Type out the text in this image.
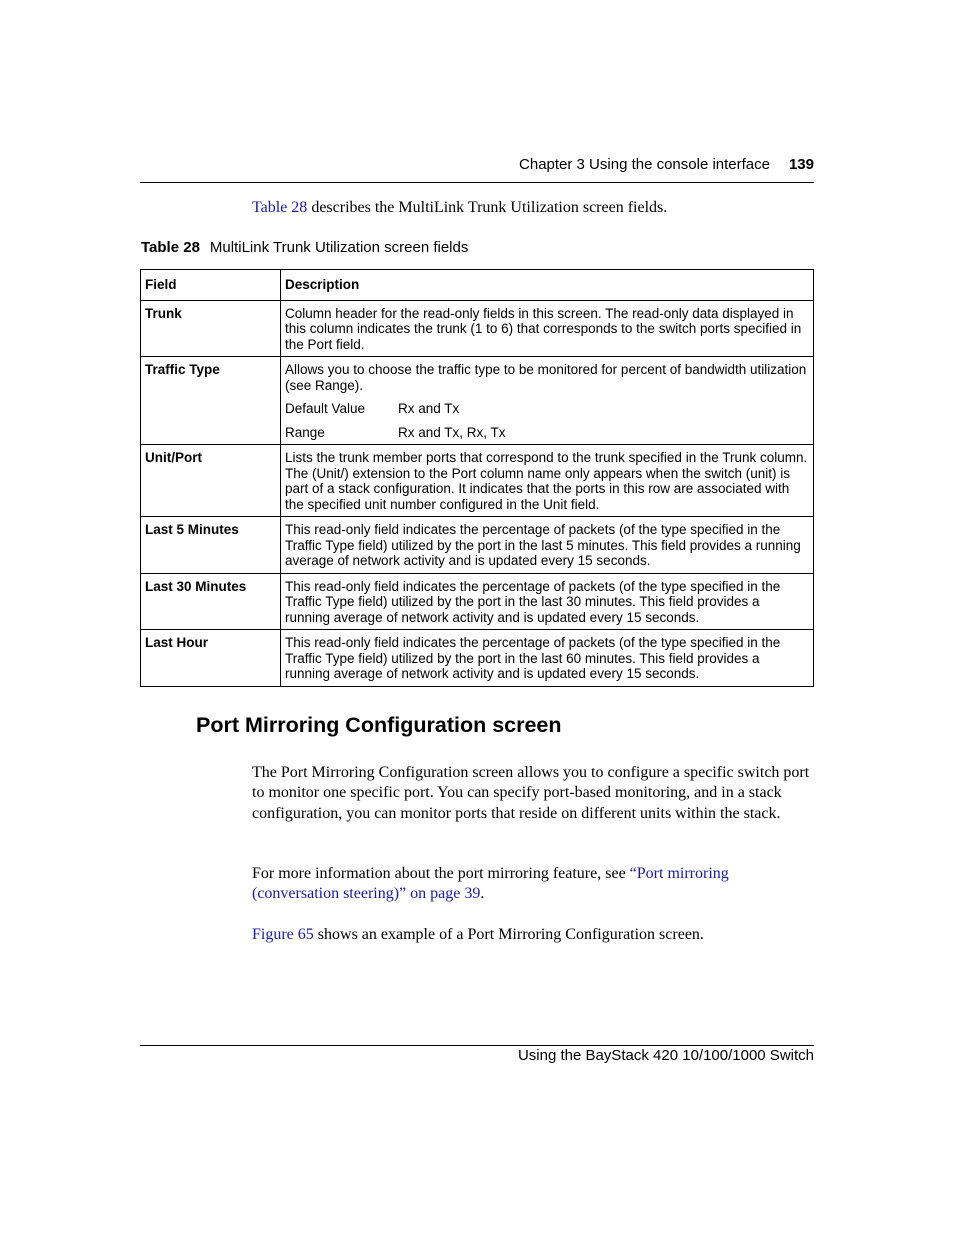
Chapter 3 Using the console interface 139
Table 28 describes the MultiLink Trunk Utilization screen fields.
Table 28 MultiLink Trunk Utilization screen fields
Field	Description
Trunk	Column header for the read-only fields in this screen. The read-only data displayed in this column indicates the trunk (1 to 6) that corresponds to the switch ports specified in the Port field.
Traffic Type	Allows you to choose the traffic type to be monitored for percent of bandwidth utilization (see Range).
Default Value Rx and Tx
Range Rx and Tx, Rx, Tx

Unit/Port	Lists the trunk member ports that correspond to the trunk specified in the Trunk column. The (Unit/) extension to the Port column name only appears when the switch (unit) is part of a stack configuration. It indicates that the ports in this row are associated with the specified unit number configured in the Unit field.
Last 5 Minutes	This read-only field indicates the percentage of packets (of the type specified in the Traffic Type field) utilized by the port in the last 5 minutes. This field provides a running average of network activity and is updated every 15 seconds.
Last 30 Minutes	This read-only field indicates the percentage of packets (of the type specified in the Traffic Type field) utilized by the port in the last 30 minutes. This field provides a running average of network activity and is updated every 15 seconds.
Last Hour	This read-only field indicates the percentage of packets (of the type specified in the Traffic Type field) utilized by the port in the last 60 minutes. This field provides a running average of network activity and is updated every 15 seconds.
Port Mirroring Configuration screen
The Port Mirroring Configuration screen allows you to configure a specific switch port to monitor one specific port. You can specify port-based monitoring, and in a stack configuration, you can monitor ports that reside on different units within the stack.
For more information about the port mirroring feature, see “Port mirroring (conversation steering)” on page 39.
Figure 65 shows an example of a Port Mirroring Configuration screen.
Using the BayStack 420 10/100/1000 Switch
